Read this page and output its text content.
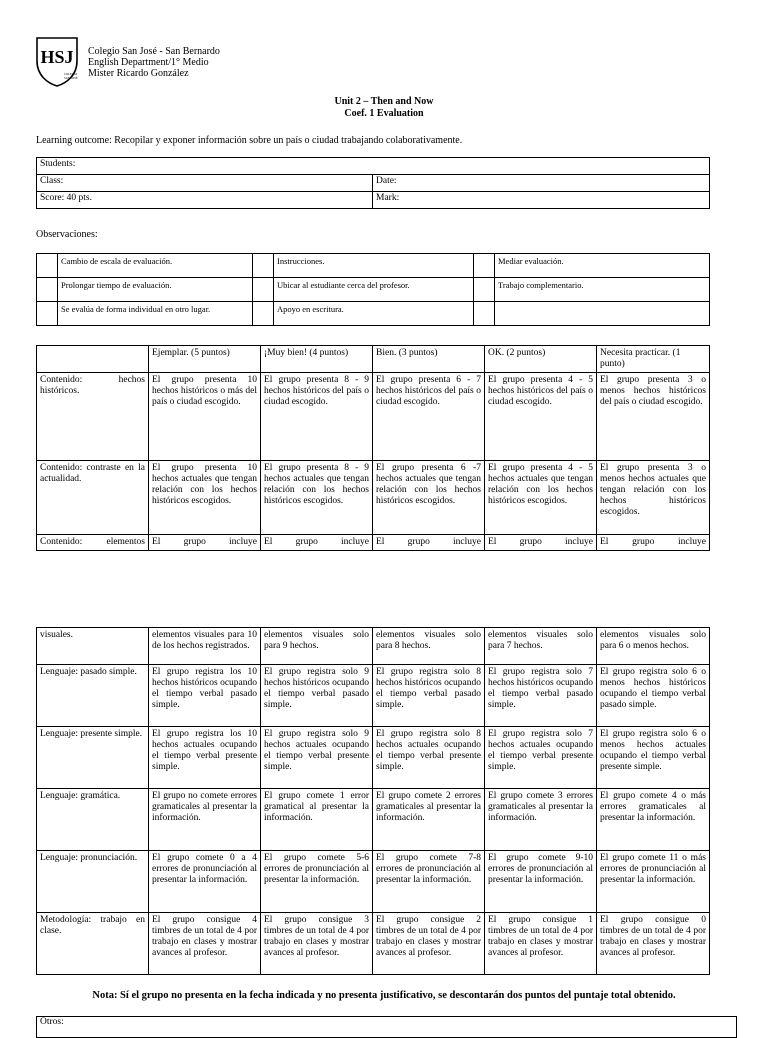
HSJ
COLEGIO
SAN JOSÉ
Colegio San José - San Bernardo
English Department/1° Medio
Mister Ricardo González
Unit 2 – Then and Now
Coef. 1 Evaluation
Learning outcome: Recopilar y exponer información sobre un país o ciudad trabajando colaborativamente.
Students:	
Class:	Date:
Score: 40 pts.	Mark:
Observaciones:
	Cambio de escala de evaluación.		Instrucciones.		Mediar evaluación.
	Prolongar tiempo de evaluación.		Ubicar al estudiante cerca del profesor.		Trabajo complementario.
	Se evalúa de forma individual en otro lugar.		Apoyo en escritura.		
	Ejemplar. (5 puntos)	¡Muy bien! (4 puntos)	Bien. (3 puntos)	OK. (2 puntos)	Necesita practicar. (1 punto)
Contenido: hechos históricos.	El grupo presenta 10 hechos históricos o más del país o ciudad escogido.	El grupo presenta 8 - 9 hechos históricos del país o ciudad escogido.	El grupo presenta 6 - 7 hechos históricos del país o ciudad escogido.	El grupo presenta 4 - 5 hechos históricos del país o ciudad escogido.	El grupo presenta 3 o menos hechos históricos del país o ciudad escogido.
Contenido: contraste en la actualidad.	El grupo presenta 10 hechos actuales que tengan relación con los hechos históricos escogidos.	El grupo presenta 8 - 9 hechos actuales que tengan relación con los hechos históricos escogidos.	El grupo presenta 6 -7 hechos actuales que tengan relación con los hechos históricos escogidos.	El grupo presenta 4 - 5 hechos actuales que tengan relación con los hechos históricos escogidos.	El grupo presenta 3 o menos hechos actuales que tengan relación con los hechos históricos escogidos.
Contenido: elementos	El grupo incluye	El grupo incluye	El grupo incluye	El grupo incluye	El grupo incluye
visuales.	elementos visuales para 10 de los hechos registrados.	elementos visuales solo para 9 hechos.	elementos visuales solo para 8 hechos.	elementos visuales solo para 7 hechos.	elementos visuales solo para 6 o menos hechos.
Lenguaje: pasado simple.	El grupo registra los 10 hechos históricos ocupando el tiempo verbal pasado simple.	El grupo registra solo 9 hechos históricos ocupando el tiempo verbal pasado simple.	El grupo registra solo 8 hechos históricos ocupando el tiempo verbal pasado simple.	El grupo registra solo 7 hechos históricos ocupando el tiempo verbal pasado simple.	El grupo registra solo 6 o menos hechos históricos ocupando el tiempo verbal pasado simple.
Lenguaje: presente simple.	El grupo registra los 10 hechos actuales ocupando el tiempo verbal presente simple.	El grupo registra solo 9 hechos actuales ocupando el tiempo verbal presente simple.	El grupo registra solo 8 hechos actuales ocupando el tiempo verbal presente simple.	El grupo registra solo 7 hechos actuales ocupando el tiempo verbal presente simple.	El grupo registra solo 6 o menos hechos actuales ocupando el tiempo verbal presente simple.
Lenguaje: gramática.	El grupo no comete errores gramaticales al presentar la información.	El grupo comete 1 error gramatical al presentar la información.	El grupo comete 2 errores gramaticales al presentar la información.	El grupo comete 3 errores gramaticales al presentar la información.	El grupo comete 4 o más errores gramaticales al presentar la información.
Lenguaje: pronunciación.	El grupo comete 0 a 4 errores de pronunciación al presentar la información.	El grupo comete 5-6 errores de pronunciación al presentar la información.	El grupo comete 7-8 errores de pronunciación al presentar la información.	El grupo comete 9-10 errores de pronunciación al presentar la información.	El grupo comete 11 o más errores de pronunciación al presentar la información.
Metodología: trabajo en clase.	El grupo consigue 4 timbres de un total de 4 por trabajo en clases y mostrar avances al profesor.	El grupo consigue 3 timbres de un total de 4 por trabajo en clases y mostrar avances al profesor.	El grupo consigue 2 timbres de un total de 4 por trabajo en clases y mostrar avances al profesor.	El grupo consigue 1 timbres de un total de 4 por trabajo en clases y mostrar avances al profesor.	El grupo consigue 0 timbres de un total de 4 por trabajo en clases y mostrar avances al profesor.
Nota: Sí el grupo no presenta en la fecha indicada y no presenta justificativo, se descontarán dos puntos del puntaje total obtenido.
Otros:
